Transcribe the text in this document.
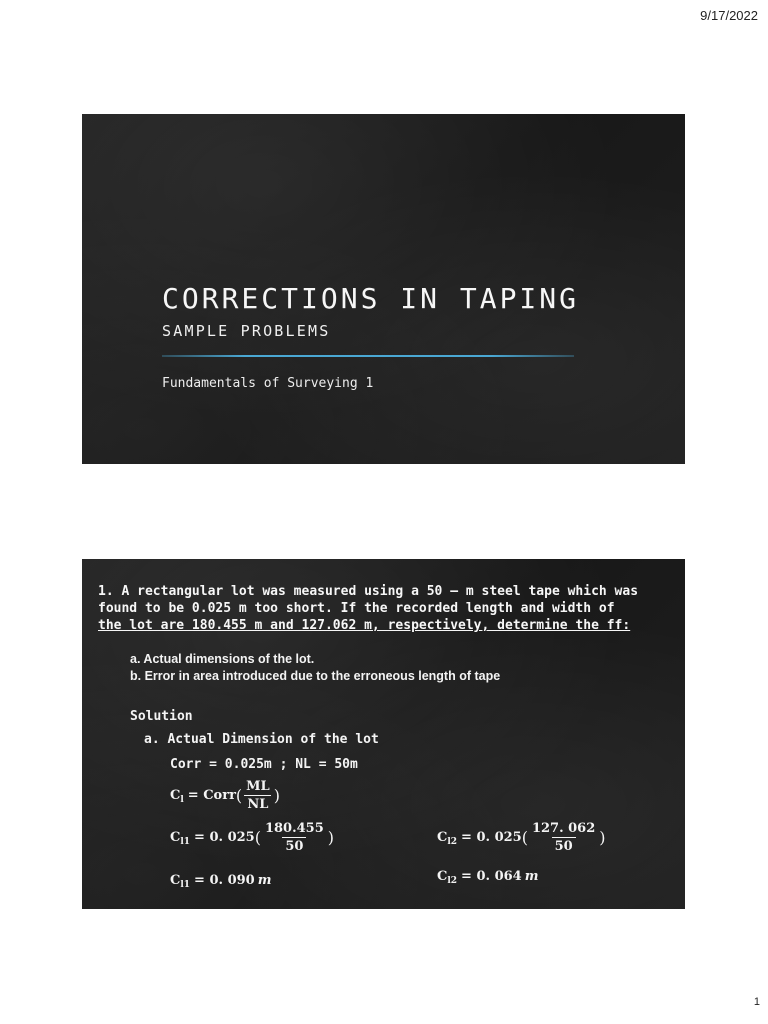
9/17/2022
CORRECTIONS IN TAPING
SAMPLE PROBLEMS
Fundamentals of Surveying 1
1. A rectangular lot was measured using a 50 – m steel tape which was
found to be 0.025 m too short. If the recorded length and width of
the lot are 180.455 m and 127.062 m, respectively, determine the ff:
a. Actual dimensions of the lot.
b. Error in area introduced due to the erroneous length of tape
Solution
a. Actual Dimension of the lot
Corr = 0.025m ; NL = 50m
C l = Corr ( $\frac{ML}{NL}$ )
C l1 = 0. 025 ( $\frac{180.455}{50}$ )	C l2 = 0. 025 ( $\frac{127. 062}{50}$ )
C l1 = 0. 090 m	C l2 = 0. 064 m
1
